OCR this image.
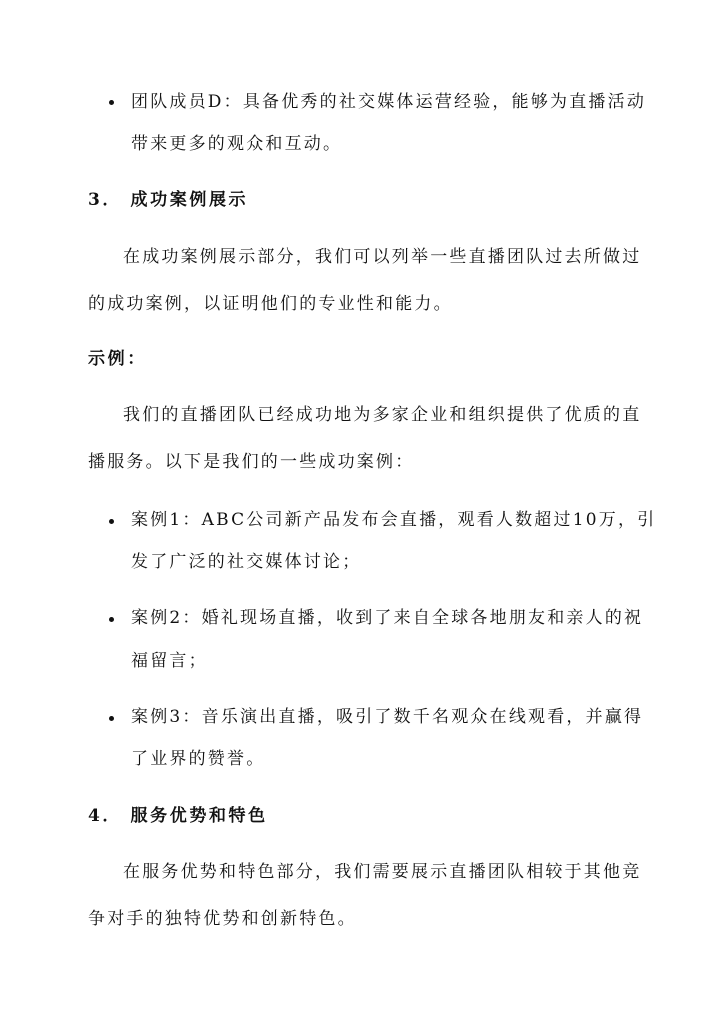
团队成员D：具备优秀的社交媒体运营经验，能够为直播活动
带来更多的观众和互动。
3． 成功案例展示
在成功案例展示部分，我们可以列举一些直播团队过去所做过
的成功案例，以证明他们的专业性和能力。
示例：
我们的直播团队已经成功地为多家企业和组织提供了优质的直
播服务。以下是我们的一些成功案例：
案例1：ABC公司新产品发布会直播，观看人数超过10万，引
发了广泛的社交媒体讨论；
案例2：婚礼现场直播，收到了来自全球各地朋友和亲人的祝
福留言；
案例3：音乐演出直播，吸引了数千名观众在线观看，并赢得
了业界的赞誉。
4． 服务优势和特色
在服务优势和特色部分，我们需要展示直播团队相较于其他竞
争对手的独特优势和创新特色。
